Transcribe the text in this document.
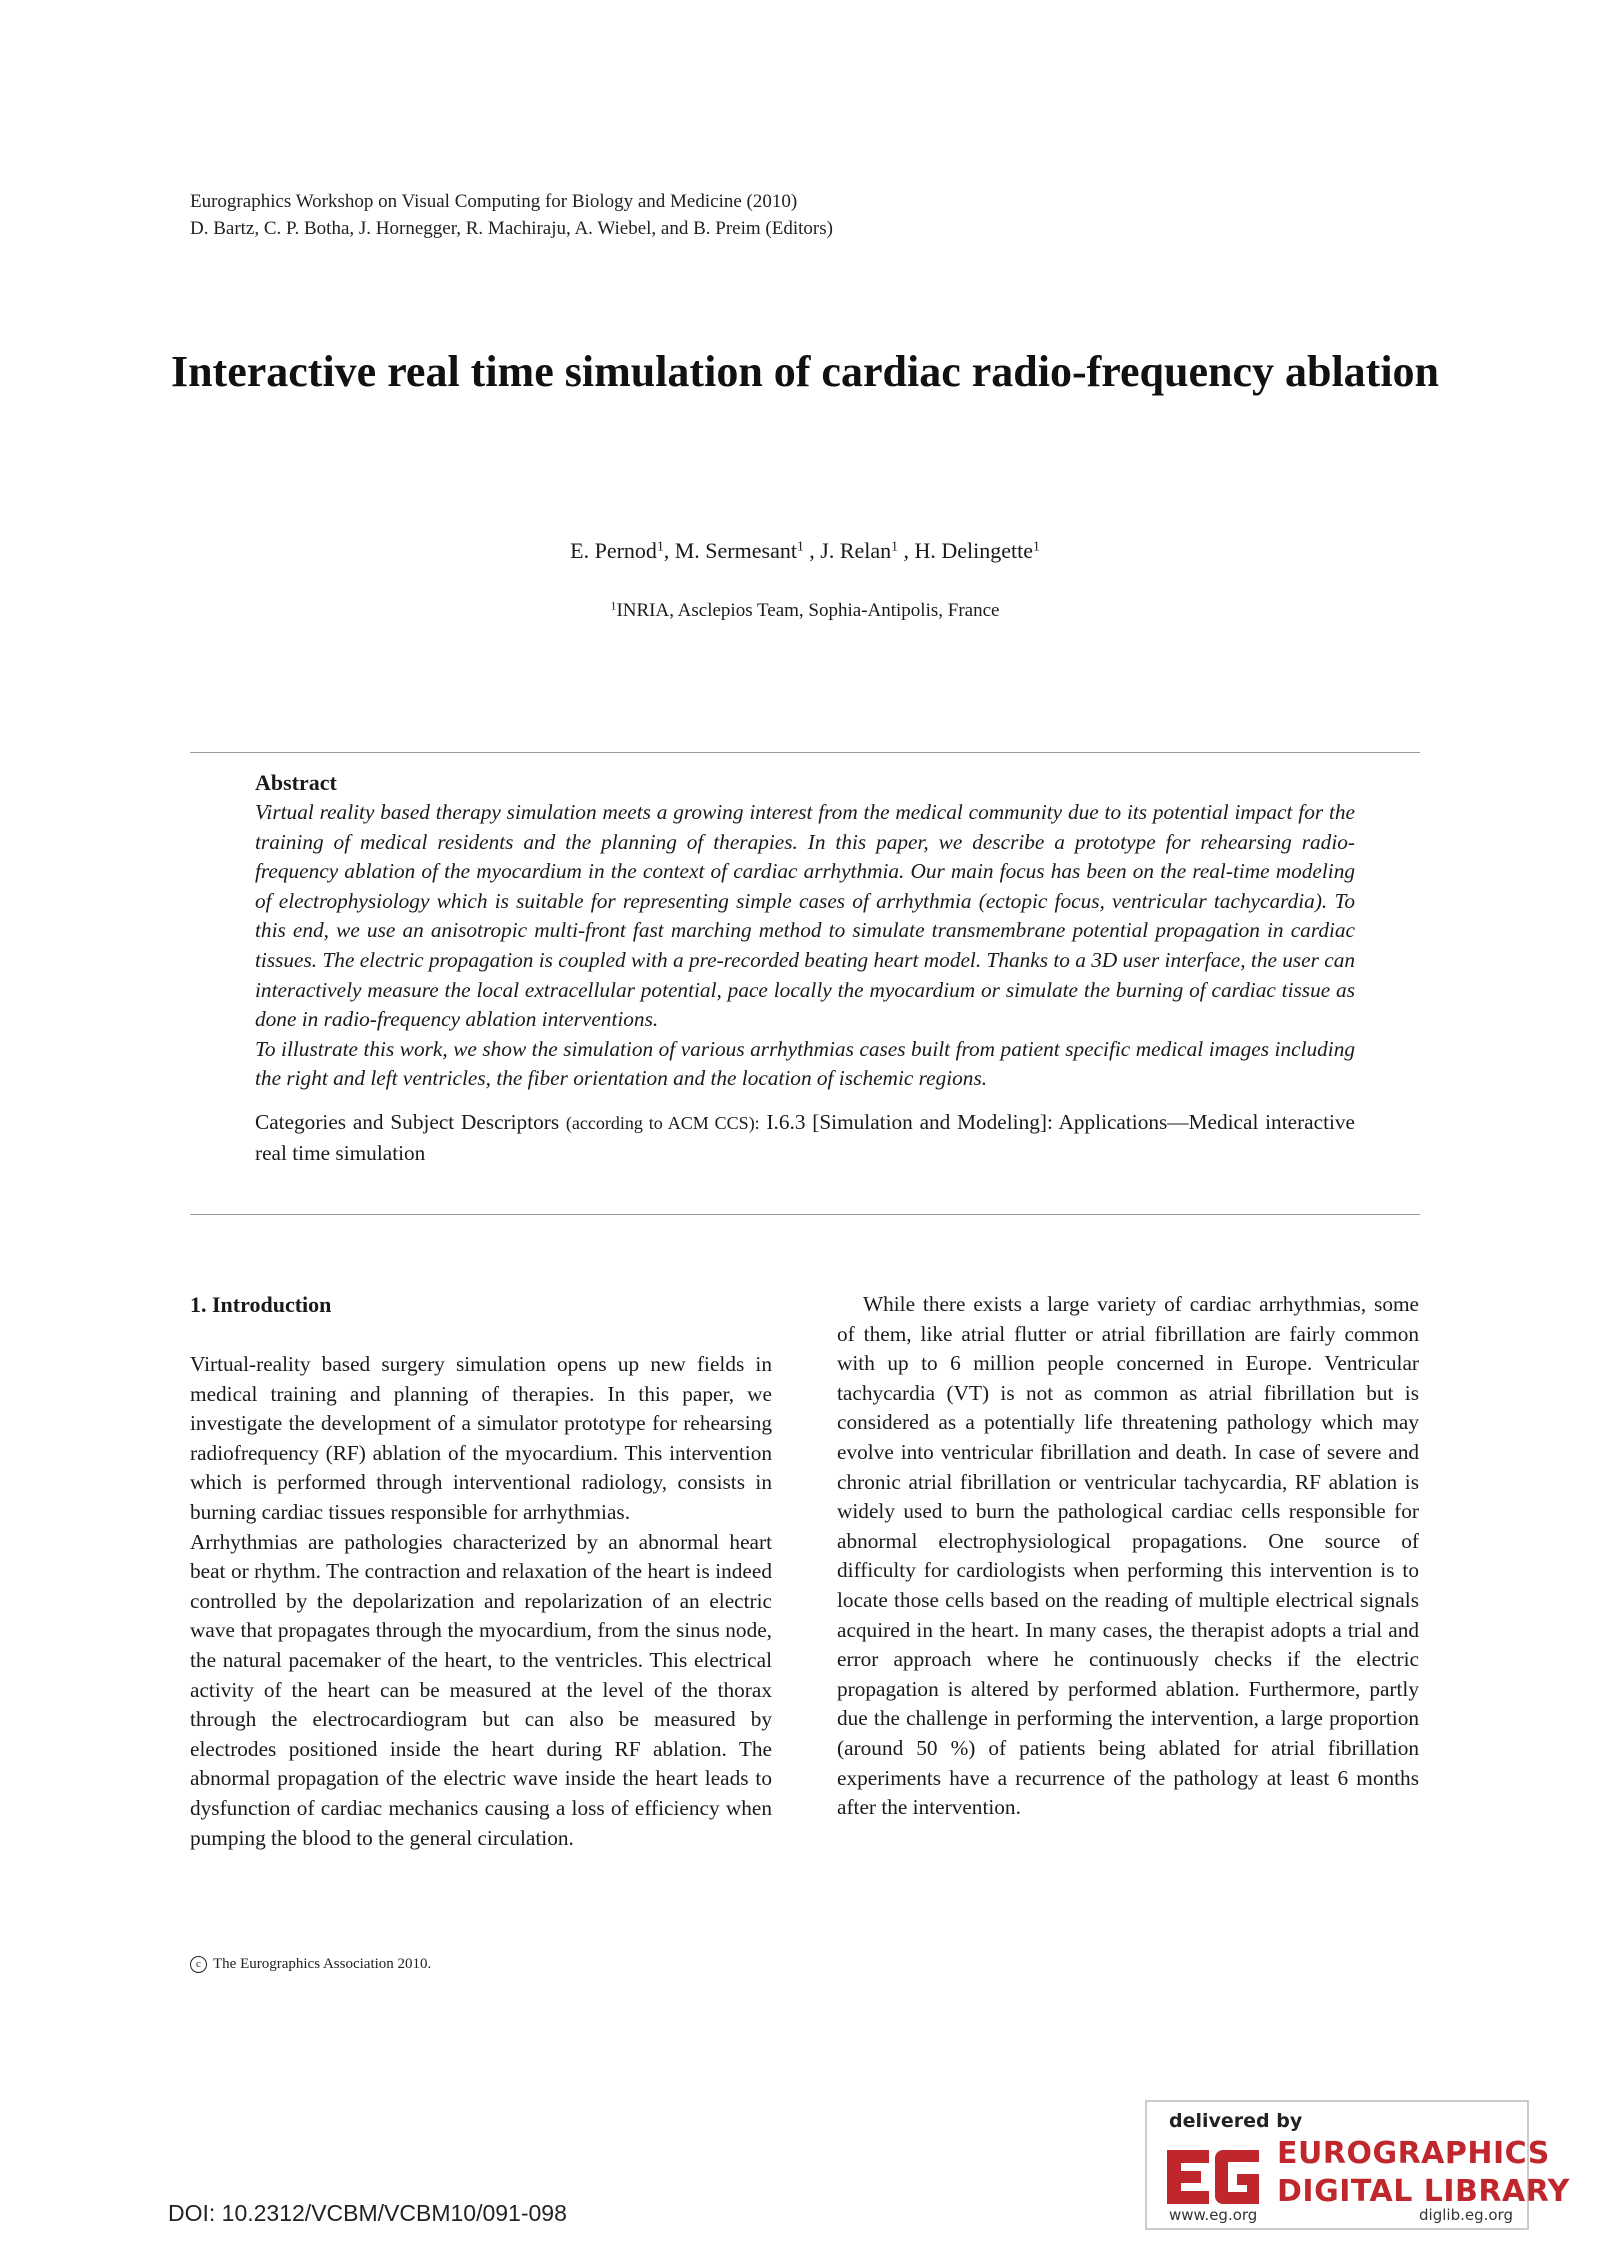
Eurographics Workshop on Visual Computing for Biology and Medicine (2010)
D. Bartz, C. P. Botha, J. Hornegger, R. Machiraju, A. Wiebel, and B. Preim (Editors)
Interactive real time simulation of cardiac radio-frequency ablation
E. Pernod$^1$, M. Sermesant$^1$ , J. Relan$^1$ , H. Delingette$^1$
$^1$INRIA, Asclepios Team, Sophia-Antipolis, France
Abstract

Virtual reality based therapy simulation meets a growing interest from the medical community due to its potential impact for the training of medical residents and the planning of therapies. In this paper, we describe a prototype for rehearsing radio-frequency ablation of the myocardium in the context of cardiac arrhythmia. Our main focus has been on the real-time modeling of electrophysiology which is suitable for representing simple cases of arrhythmia (ectopic focus, ventricular tachycardia). To this end, we use an anisotropic multi-front fast marching method to simulate transmembrane potential propagation in cardiac tissues. The electric propagation is coupled with a pre-recorded beating heart model. Thanks to a 3D user interface, the user can interactively measure the local extracellular potential, pace locally the myocardium or simulate the burning of cardiac tissue as done in radio-frequency ablation interventions.

To illustrate this work, we show the simulation of various arrhythmias cases built from patient specific medical images including the right and left ventricles, the fiber orientation and the location of ischemic regions.

Categories and Subject Descriptors (according to ACM CCS): I.6.3 [Simulation and Modeling]: Applications—Medical interactive real time simulation
1. Introduction

Virtual-reality based surgery simulation opens up new fields in medical training and planning of therapies. In this paper, we investigate the development of a simulator prototype for rehearsing radiofrequency (RF) ablation of the myocardium. This intervention which is performed through interventional radiology, consists in burning cardiac tissues responsible for arrhythmias.

Arrhythmias are pathologies characterized by an abnormal heart beat or rhythm. The contraction and relaxation of the heart is indeed controlled by the depolarization and repolarization of an electric wave that propagates through the myocardium, from the sinus node, the natural pacemaker of the heart, to the ventricles. This electrical activity of the heart can be measured at the level of the thorax through the electrocardiogram but can also be measured by electrodes positioned inside the heart during RF ablation. The abnormal propagation of the electric wave inside the heart leads to dysfunction of cardiac mechanics causing a loss of efficiency when pumping the blood to the general circulation.

While there exists a large variety of cardiac arrhythmias, some of them, like atrial flutter or atrial fibrillation are fairly common with up to 6 million people concerned in Europe. Ventricular tachycardia (VT) is not as common as atrial fibrillation but is considered as a potentially life threatening pathology which may evolve into ventricular fibrillation and death. In case of severe and chronic atrial fibrillation or ventricular tachycardia, RF ablation is widely used to burn the pathological cardiac cells responsible for abnormal electrophysiological propagations. One source of difficulty for cardiologists when performing this intervention is to locate those cells based on the reading of multiple electrical signals acquired in the heart. In many cases, the therapist adopts a trial and error approach where he continuously checks if the electric propagation is altered by performed ablation. Furthermore, partly due the challenge in performing the intervention, a large proportion (around 50 %) of patients being ablated for atrial fibrillation experiments have a recurrence of the pathology at least 6 months after the intervention.

c The Eurographics Association 2010.
DOI: 10.2312/VCBM/VCBM10/091-098
delivered by
EUROGRAPHICS
DIGITAL LIBRARY
www.eg.org	diglib.eg.org
